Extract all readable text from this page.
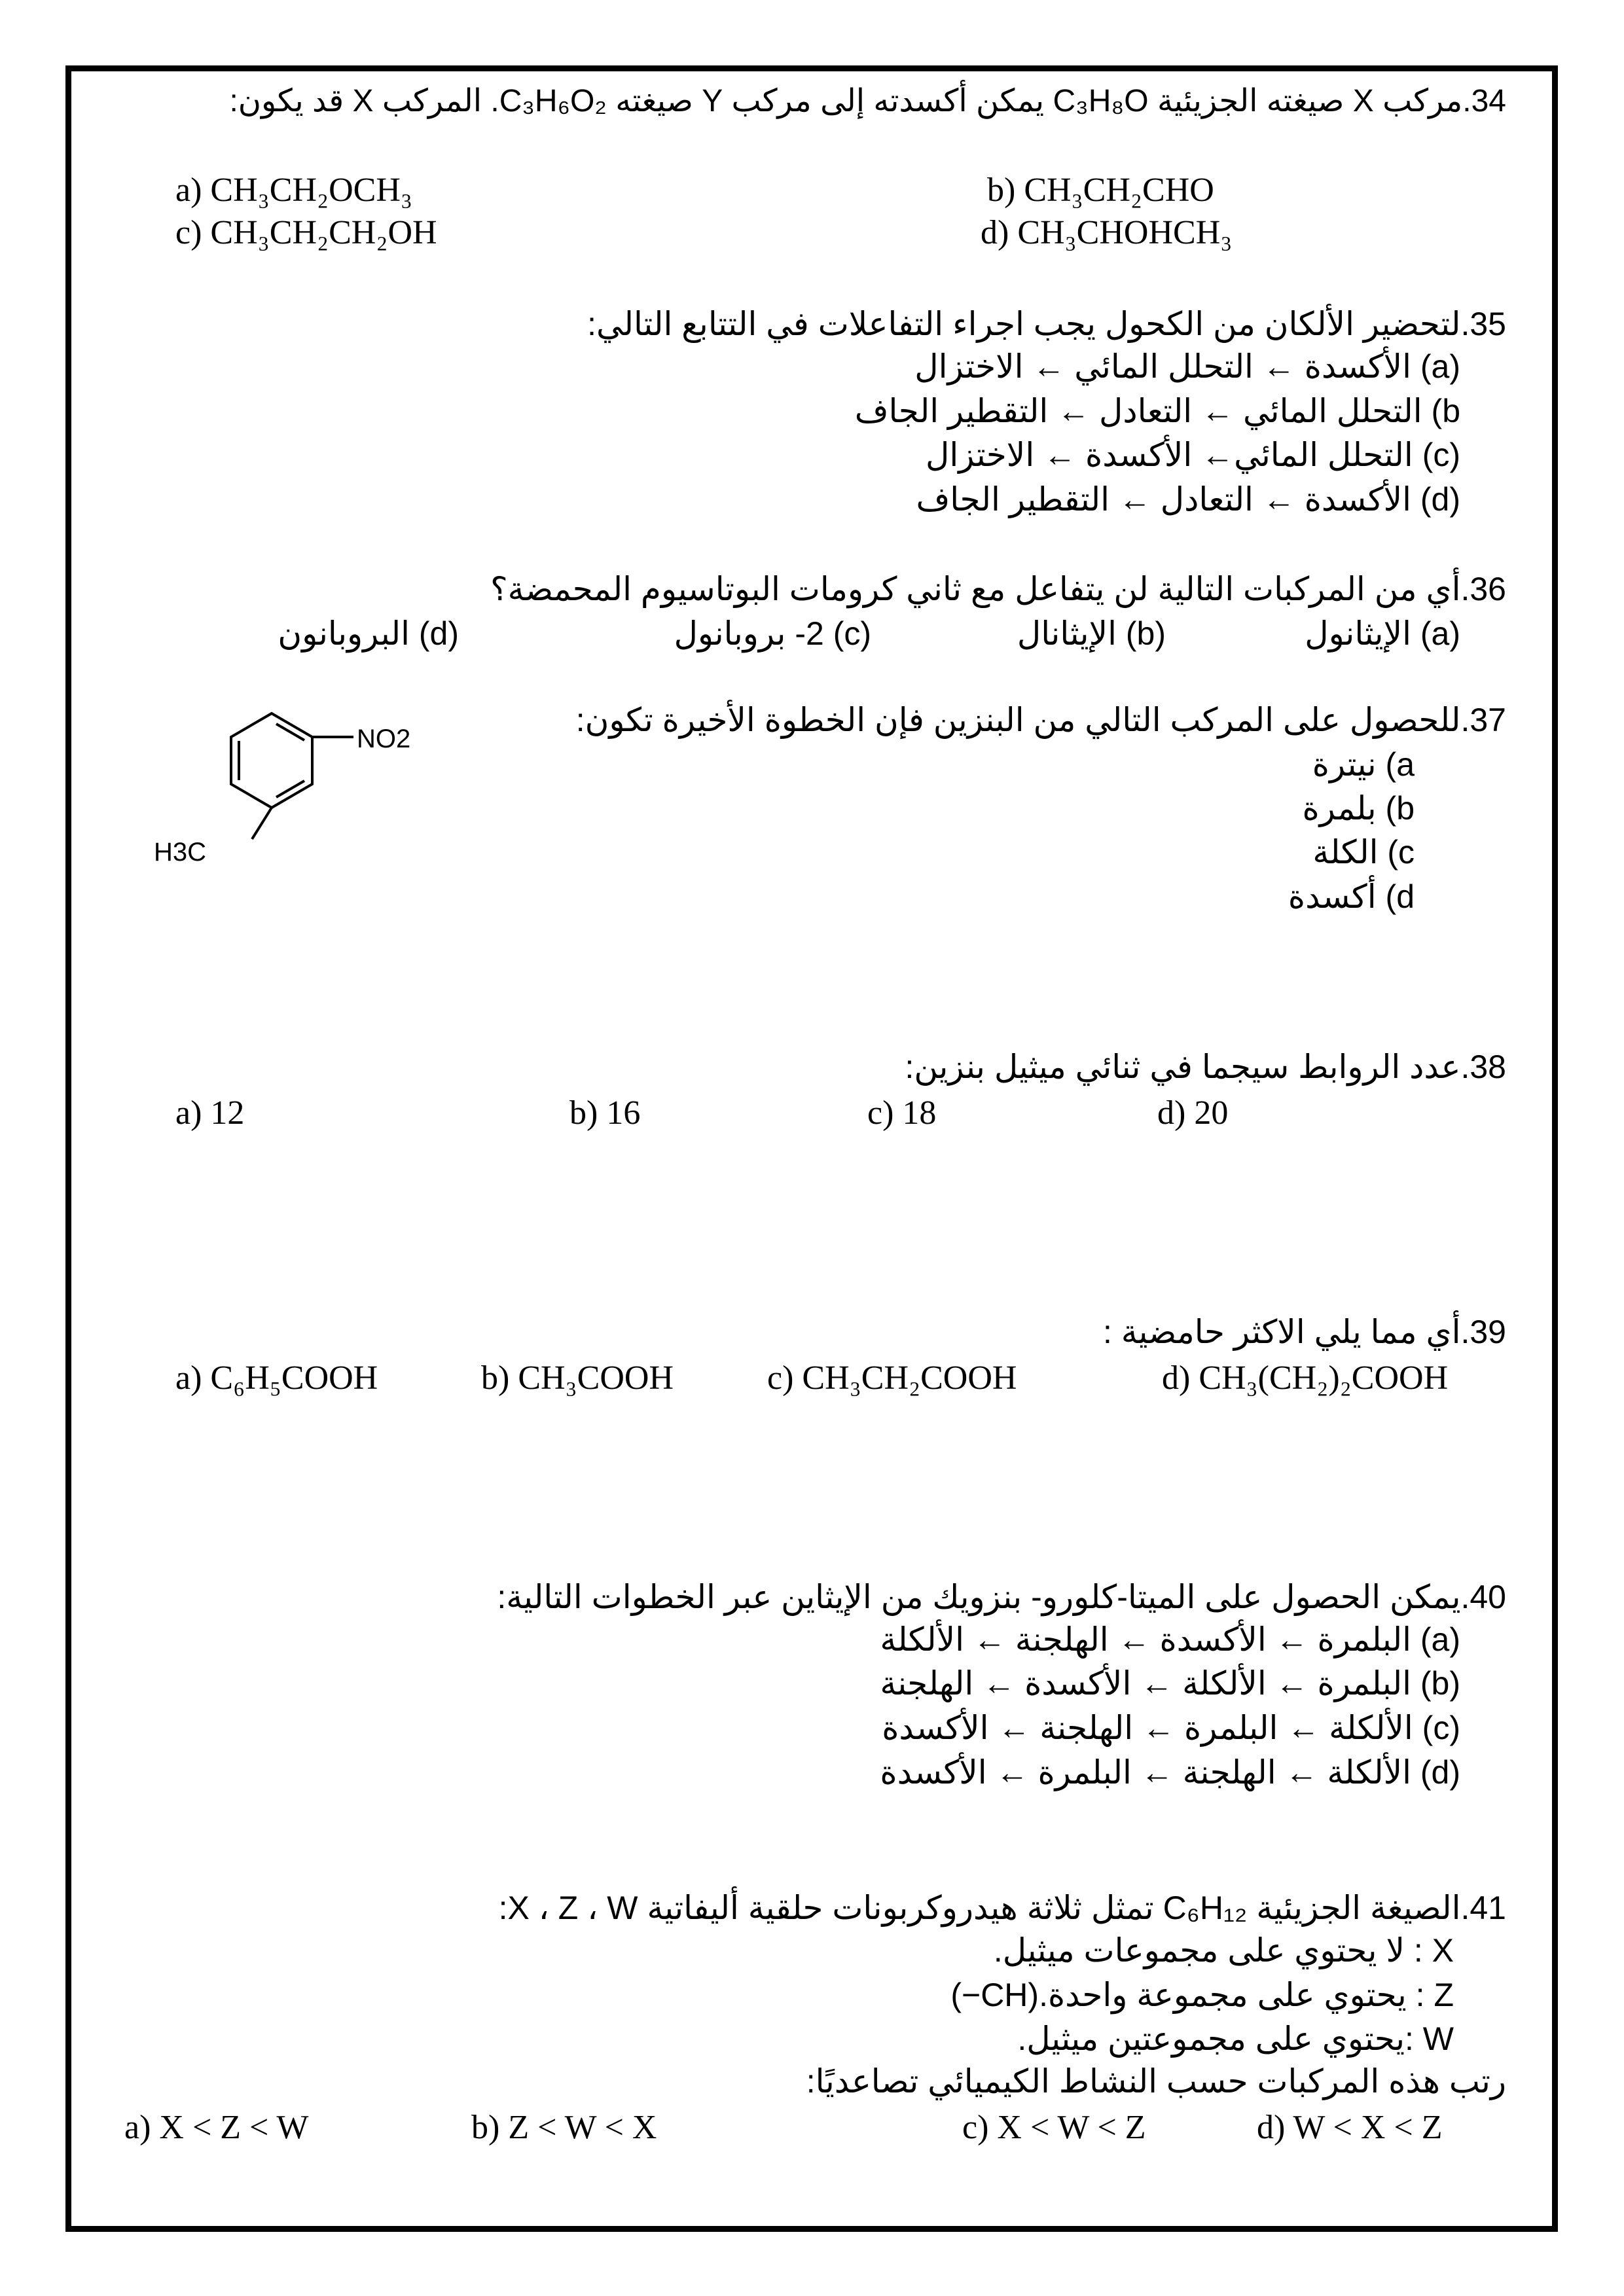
34.مركب X صيغته الجزيئية C₃H₈O يمكن أكسدته إلى مركب Y صيغته C₃H₆O₂. المركب X قد يكون:
a) CH₃CH₂OCH₃	b) CH₃CH₂CHO
c) CH₃CH₂CH₂OH	d) CH₃CHOHCH₃
35.لتحضير الألكان من الكحول يجب اجراء التفاعلات في التتابع التالي:
(a) الأكسدة ← التحلل المائي ← الاختزال
b) التحلل المائي ← التعادل ← التقطير الجاف
(c) التحلل المائي← الأكسدة ← الاختزال
(d) الأكسدة ← التعادل ← التقطير الجاف
36.أي من المركبات التالية لن يتفاعل مع ثاني كرومات البوتاسيوم المحمضة؟
(a) الإيثانول
(b) الإيثانال
(c) 2- بروبانول
(d) البروبانون
37.للحصول على المركب التالي من البنزين فإن الخطوة الأخيرة تكون:
a) نيترة
b) بلمرة
c) الكلة
d) أكسدة
NO2
H3C
38.عدد الروابط سيجما في ثنائي ميثيل بنزين:
a) 12	b) 16	c) 18	d) 20
39.أي مما يلي الاكثر حامضية :
a) C₆H₅COOH	b) CH₃COOH	c) CH₃CH₂COOH	d) CH₃(CH₂)₂COOH
40.يمكن الحصول على الميتا-كلورو- بنزويك من الإيثاين عبر الخطوات التالية:
(a) البلمرة ← الأكسدة ← الهلجنة ← الألكلة
(b) البلمرة ← الألكلة ← الأكسدة ← الهلجنة
(c) الألكلة ← البلمرة ← الهلجنة ← الأكسدة
(d) الألكلة ← الهلجنة ← البلمرة ← الأكسدة
41.الصيغة الجزيئية C₆H₁₂ تمثل ثلاثة هيدروكربونات حلقية أليفاتية X ، Z ، W:
X : لا يحتوي على مجموعات ميثيل.
Z : يحتوي على مجموعة واحدة.(CH−)
W :يحتوي على مجموعتين ميثيل.
رتب هذه المركبات حسب النشاط الكيميائي تصاعديًا:
a) X < Z < W	b) Z < W < X	c) X < W < Z	d) W < X < Z
